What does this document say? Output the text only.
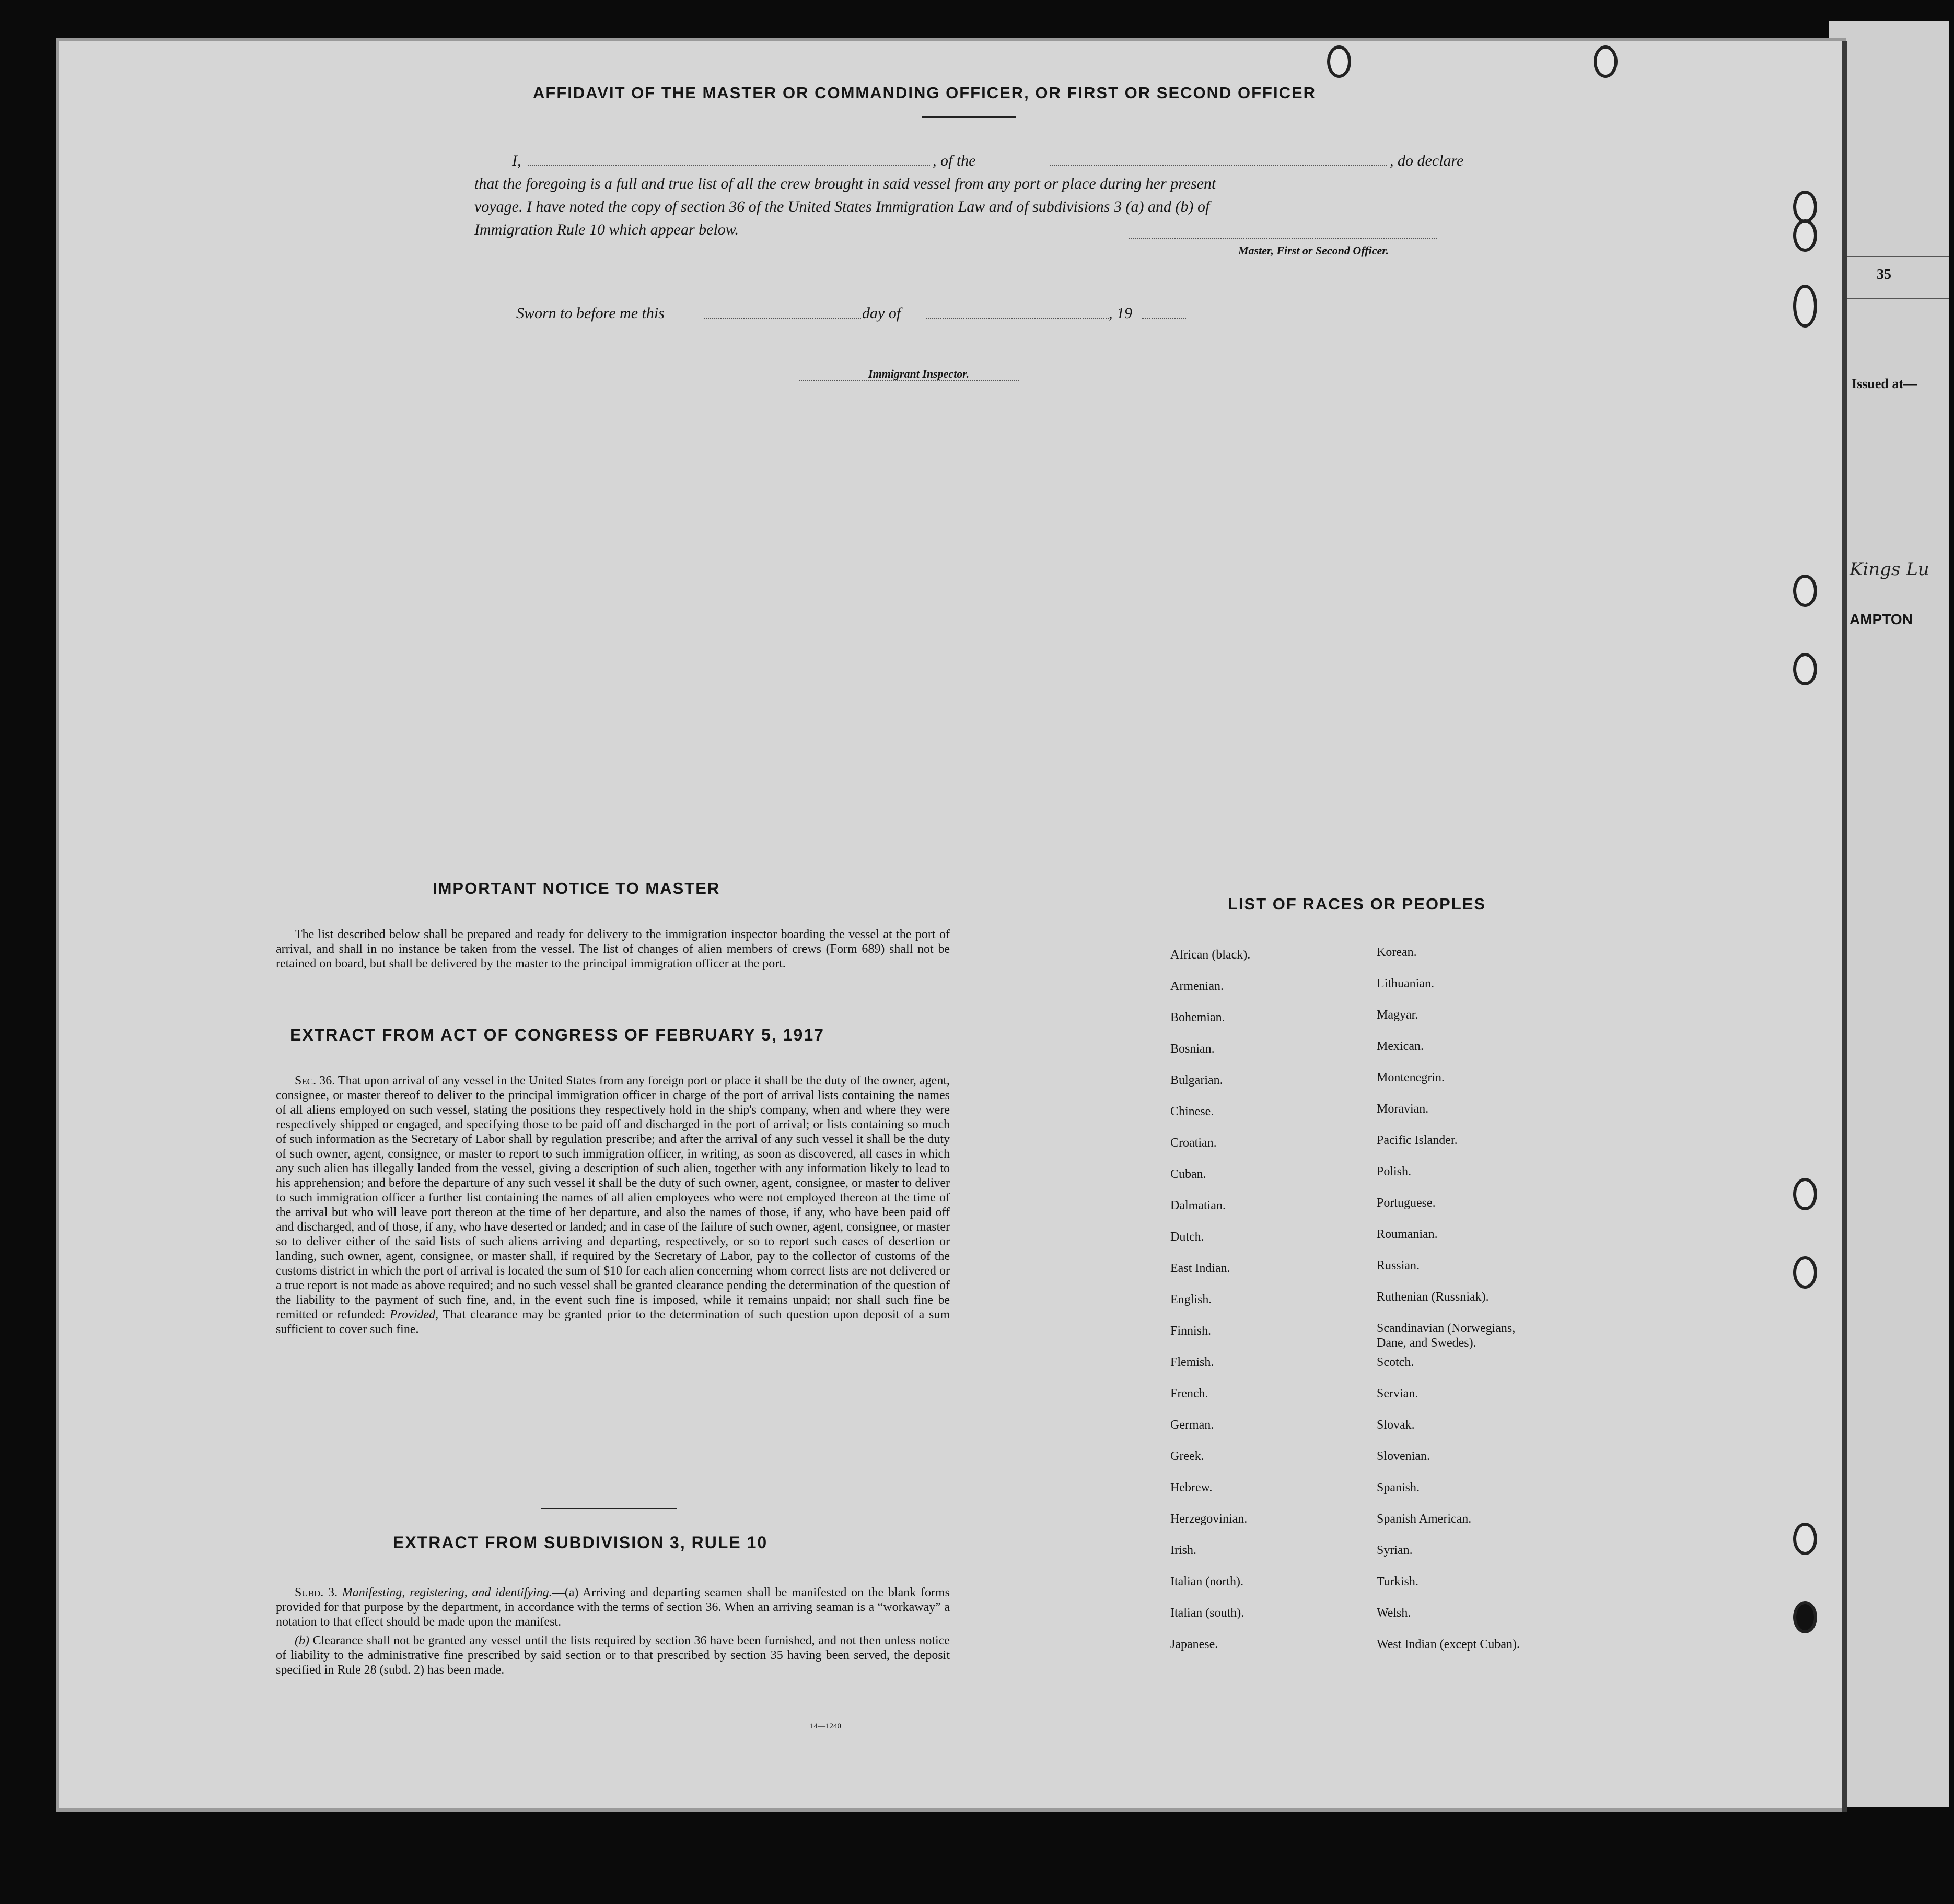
35
Issued at—
Kings Lu
AMPTON
AFFIDAVIT OF THE MASTER OR COMMANDING OFFICER, OR FIRST OR SECOND OFFICER
I,	, of the	, do declare
that the foregoing is a full and true list of all the crew brought in said vessel from any port or place during her present
voyage. I have noted the copy of section 36 of the United States Immigration Law and of subdivisions 3 (a) and (b) of
Immigration Rule 10 which appear below.
Master, First or Second Officer.
Sworn to before me this	day of	, 19
Immigrant Inspector.
IMPORTANT NOTICE TO MASTER

The list described below shall be prepared and ready for delivery to the immigration inspector boarding the vessel at the port of arrival, and shall in no instance be taken from the vessel. The list of changes of alien members of crews (Form 689) shall not be retained on board, but shall be delivered by the master to the principal immigration officer at the port.

EXTRACT FROM ACT OF CONGRESS OF FEBRUARY 5, 1917

Sec. 36. That upon arrival of any vessel in the United States from any foreign port or place it shall be the duty of the owner, agent, consignee, or master thereof to deliver to the principal immigration officer in charge of the port of arrival lists containing the names of all aliens employed on such vessel, stating the positions they respectively hold in the ship's company, when and where they were respectively shipped or engaged, and specifying those to be paid off and discharged in the port of arrival; or lists containing so much of such information as the Secretary of Labor shall by regulation prescribe; and after the arrival of any such vessel it shall be the duty of such owner, agent, consignee, or master to report to such immigration officer, in writing, as soon as discovered, all cases in which any such alien has illegally landed from the vessel, giving a description of such alien, together with any information likely to lead to his apprehension; and before the departure of any such vessel it shall be the duty of such owner, agent, consignee, or master to deliver to such immigration officer a further list containing the names of all alien employees who were not employed thereon at the time of the arrival but who will leave port thereon at the time of her departure, and also the names of those, if any, who have been paid off and discharged, and of those, if any, who have deserted or landed; and in case of the failure of such owner, agent, consignee, or master so to deliver either of the said lists of such aliens arriving and departing, respectively, or so to report such cases of desertion or landing, such owner, agent, consignee, or master shall, if required by the Secretary of Labor, pay to the collector of customs of the customs district in which the port of arrival is located the sum of $10 for each alien concerning whom correct lists are not delivered or a true report is not made as above required; and no such vessel shall be granted clearance pending the determination of the question of the liability to the payment of such fine, and, in the event such fine is imposed, while it remains unpaid; nor shall such fine be remitted or refunded: Provided, That clearance may be granted prior to the determination of such question upon deposit of a sum sufficient to cover such fine.

EXTRACT FROM SUBDIVISION 3, RULE 10

Subd. 3. Manifesting, registering, and identifying.—(a) Arriving and departing seamen shall be manifested on the blank forms provided for that purpose by the department, in accordance with the terms of section 36. When an arriving seaman is a “workaway” a notation to that effect should be made upon the manifest.

(b) Clearance shall not be granted any vessel until the lists required by section 36 have been furnished, and not then unless notice of liability to the administrative fine prescribed by said section or to that prescribed by section 35 having been served, the deposit specified in Rule 28 (subd. 2) has been made.

14—1240
LIST OF RACES OR PEOPLES
African (black).
Armenian.
Bohemian.
Bosnian.
Bulgarian.
Chinese.
Croatian.
Cuban.
Dalmatian.
Dutch.
East Indian.
English.
Finnish.
Flemish.
French.
German.
Greek.
Hebrew.
Herzegovinian.
Irish.
Italian (north).
Italian (south).
Japanese.
Korean.
Lithuanian.
Magyar.
Mexican.
Montenegrin.
Moravian.
Pacific Islander.
Polish.
Portuguese.
Roumanian.
Russian.
Ruthenian (Russniak).
Scandinavian (Norwegians,
Dane, and Swedes).
Scotch.
Servian.
Slovak.
Slovenian.
Spanish.
Spanish American.
Syrian.
Turkish.
Welsh.
West Indian (except Cuban).
